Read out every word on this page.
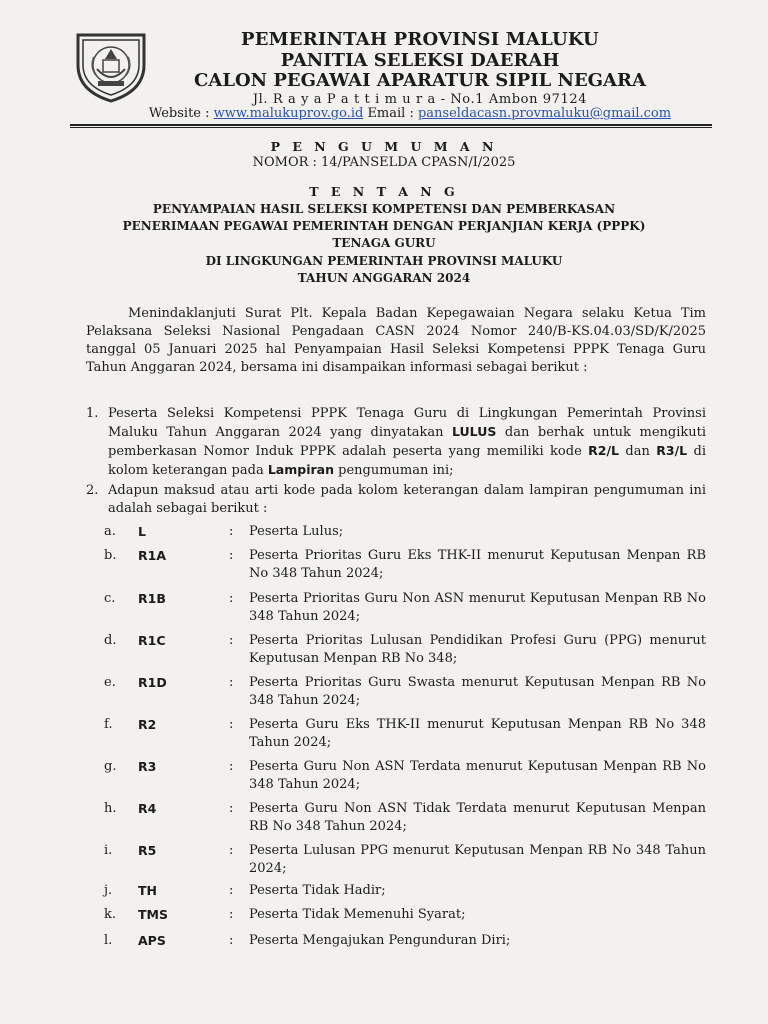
PEMERINTAH PROVINSI MALUKU
PANITIA SELEKSI DAERAH
CALON PEGAWAI APARATUR SIPIL NEGARA
Jl. R a y a P a t t i m u r a - No.1 Ambon 97124
Website : www.malukuprov.go.id Email : panseldacasn.provmaluku@gmail.com
P E N G U M U M A N
NOMOR : 14/PANSELDA CPASN/I/2025
T E N T A N G
PENYAMPAIAN HASIL SELEKSI KOMPETENSI DAN PEMBERKASAN
PENERIMAAN PEGAWAI PEMERINTAH DENGAN PERJANJIAN KERJA (PPPK)
TENAGA GURU
DI LINGKUNGAN PEMERINTAH PROVINSI MALUKU
TAHUN ANGGARAN 2024
Menindaklanjuti Surat Plt. Kepala Badan Kepegawaian Negara selaku Ketua Tim Pelaksana Seleksi Nasional Pengadaan CASN 2024 Nomor 240/B-KS.04.03/SD/K/2025 tanggal 05 Januari 2025 hal Penyampaian Hasil Seleksi Kompetensi PPPK Tenaga Guru Tahun Anggaran 2024, bersama ini disampaikan informasi sebagai berikut :
1. Peserta Seleksi Kompetensi PPPK Tenaga Guru di Lingkungan Pemerintah Provinsi Maluku Tahun Anggaran 2024 yang dinyatakan LULUS dan berhak untuk mengikuti pemberkasan Nomor Induk PPPK adalah peserta yang memiliki kode R2/L dan R3/L di kolom keterangan pada Lampiran pengumuman ini;
2. Adapun maksud atau arti kode pada kolom keterangan dalam lampiran pengumuman ini adalah sebagai berikut :
a. L	: Peserta Lulus;
b. R1A	: Peserta Prioritas Guru Eks THK-II menurut Keputusan Menpan RB No 348 Tahun 2024;
c. R1B	: Peserta Prioritas Guru Non ASN menurut Keputusan Menpan RB No 348 Tahun 2024;
d. R1C	: Peserta Prioritas Lulusan Pendidikan Profesi Guru (PPG) menurut Keputusan Menpan RB No 348;
e. R1D	: Peserta Prioritas Guru Swasta menurut Keputusan Menpan RB No 348 Tahun 2024;
f. R2	: Peserta Guru Eks THK-II menurut Keputusan Menpan RB No 348 Tahun 2024;
g. R3	: Peserta Guru Non ASN Terdata menurut Keputusan Menpan RB No 348 Tahun 2024;
h. R4	: Peserta Guru Non ASN Tidak Terdata menurut Keputusan Menpan RB No 348 Tahun 2024;
i. R5	: Peserta Lulusan PPG menurut Keputusan Menpan RB No 348 Tahun 2024;
j. TH	: Peserta Tidak Hadir;
k. TMS	: Peserta Tidak Memenuhi Syarat;
l. APS	: Peserta Mengajukan Pengunduran Diri;
